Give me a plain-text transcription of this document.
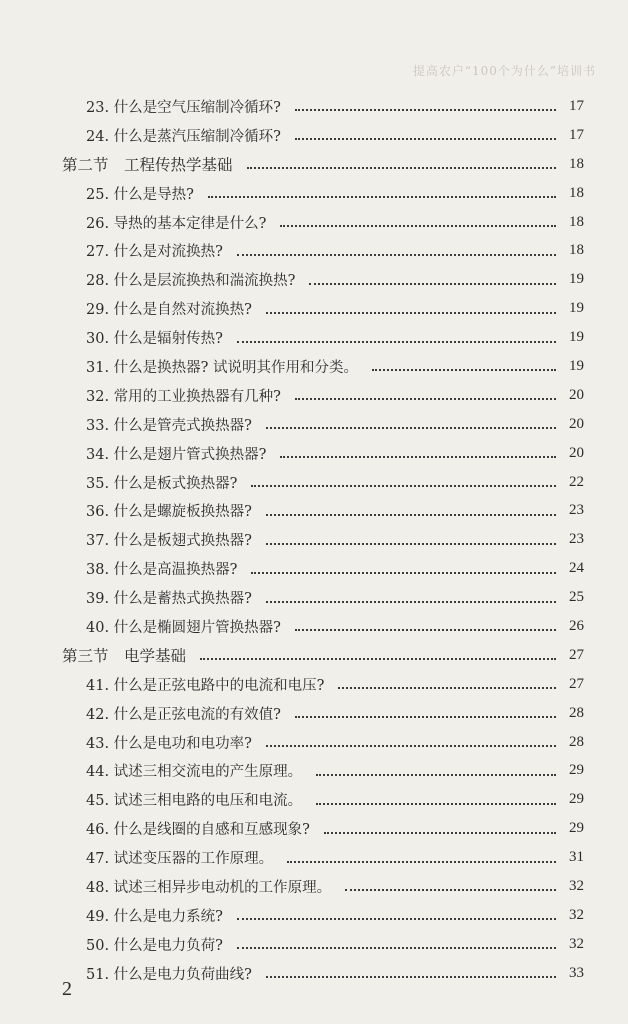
提高农户“100个为什么”培训书
23. 什么是空气压缩制冷循环?	17
24. 什么是蒸汽压缩制冷循环?	17
第二节　工程传热学基础	18
25. 什么是导热?	18
26. 导热的基本定律是什么?	18
27. 什么是对流换热?	18
28. 什么是层流换热和湍流换热?	19
29. 什么是自然对流换热?	19
30. 什么是辐射传热?	19
31. 什么是换热器? 试说明其作用和分类。	19
32. 常用的工业换热器有几种?	20
33. 什么是管壳式换热器?	20
34. 什么是翅片管式换热器?	20
35. 什么是板式换热器?	22
36. 什么是螺旋板换热器?	23
37. 什么是板翅式换热器?	23
38. 什么是高温换热器?	24
39. 什么是蓄热式换热器?	25
40. 什么是椭圆翅片管换热器?	26
第三节　电学基础	27
41. 什么是正弦电路中的电流和电压?	27
42. 什么是正弦电流的有效值?	28
43. 什么是电功和电功率?	28
44. 试述三相交流电的产生原理。	29
45. 试述三相电路的电压和电流。	29
46. 什么是线圈的自感和互感现象?	29
47. 试述变压器的工作原理。	31
48. 试述三相异步电动机的工作原理。	32
49. 什么是电力系统?	32
50. 什么是电力负荷?	32
51. 什么是电力负荷曲线?	33
2
